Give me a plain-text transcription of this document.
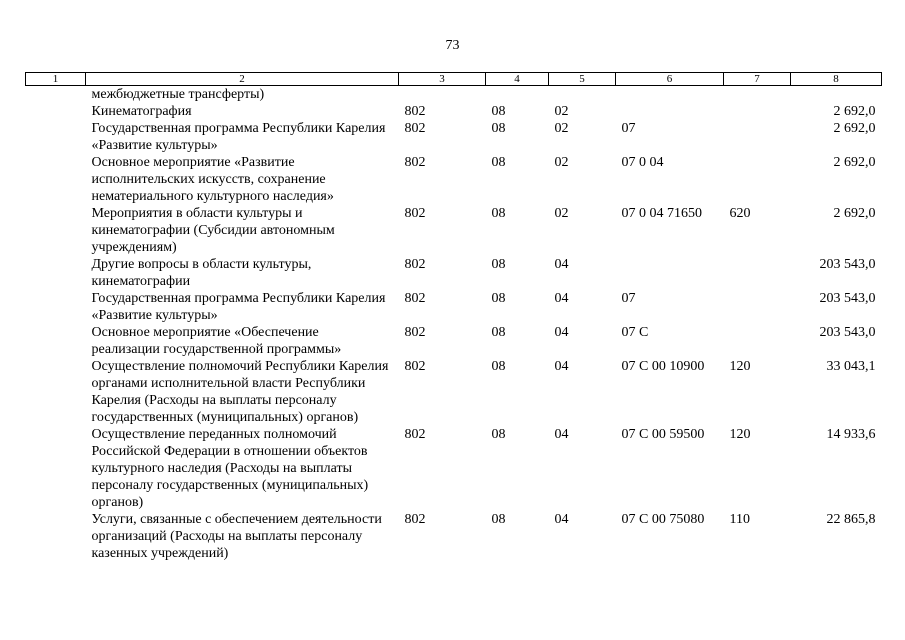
73
1	2	3	4	5	6	7	8
	межбюджетные трансферты)						
	Кинематография	802	08	02			2 692,0
	Государственная программа Республики Карелия «Развитие культуры»	802	08	02	07		2 692,0
	Основное мероприятие «Развитие исполнительских искусств, сохранение нематериального культурного наследия»	802	08	02	07 0 04		2 692,0
	Мероприятия в области культуры и кинематографии (Субсидии автономным учреждениям)	802	08	02	07 0 04 71650	620	2 692,0
	Другие вопросы в области культуры, кинематографии	802	08	04			203 543,0
	Государственная программа Республики Карелия «Развитие культуры»	802	08	04	07		203 543,0
	Основное мероприятие «Обеспечение реализации государственной программы»	802	08	04	07 С		203 543,0
	Осуществление полномочий Республики Карелия органами исполнительной власти Республики Карелия (Расходы на выплаты персоналу государственных (муниципальных) органов)	802	08	04	07 С 00 10900	120	33 043,1
	Осуществление переданных полномочий Российской Федерации в отношении объектов культурного наследия (Расходы на выплаты персоналу государственных (муниципальных) органов)	802	08	04	07 С 00 59500	120	14 933,6
	Услуги, связанные с обеспечением деятельности организаций (Расходы на выплаты персоналу казенных учреждений)	802	08	04	07 С 00 75080	110	22 865,8
